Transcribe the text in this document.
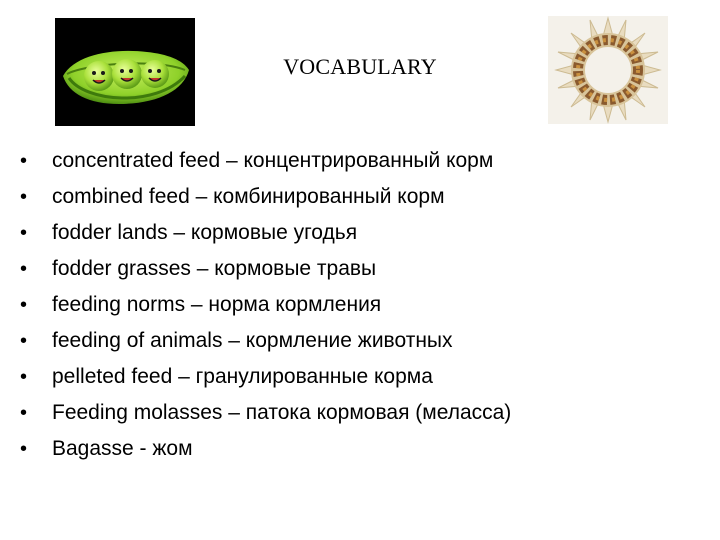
VOCABULARY
• concentrated feed – концентрированный корм
• combined feed – комбинированный корм
• fodder lands – кормовые угодья
• fodder grasses – кормовые травы
• feeding norms – норма кормления
• feeding of animals – кормление животных
• pelleted feed – гранулированные корма
• Feeding molasses – патока кормовая (меласса)
• Bagasse - жом
